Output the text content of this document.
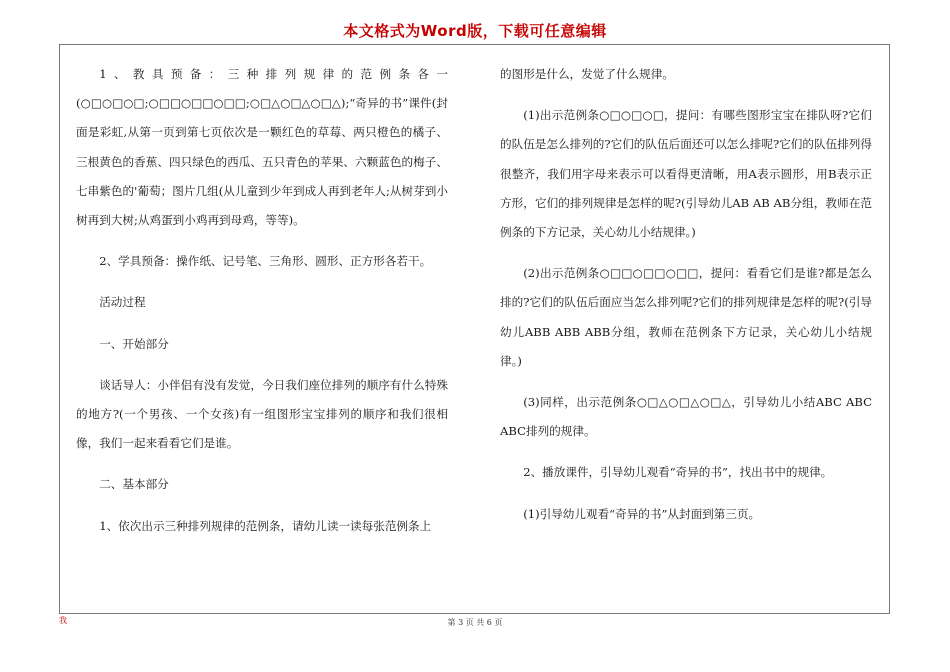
本文格式为Word版，下载可任意编辑

1、教具预备：三种排列规律的范例条各一(○□○□○□;○□□○□□○□□;○□△○□△○□△);“奇异的书”课件(封面是彩虹,从第一页到第七页依次是一颗红色的草莓、两只橙色的橘子、三根黄色的香蕉、四只绿色的西瓜、五只青色的苹果、六颗蓝色的梅子、七串紫色的'葡萄；图片几组(从儿童到少年到成人再到老年人;从树芽到小树再到大树;从鸡蛋到小鸡再到母鸡，等等)。

2、学具预备：操作纸、记号笔、三角形、圆形、正方形各若干。

活动过程

一、开始部分

谈话导人：小伴侣有没有发觉，今日我们座位排列的顺序有什么特殊的地方?(一个男孩、一个女孩)有一组图形宝宝排列的顺序和我们很相像，我们一起来看看它们是谁。

二、基本部分

1、依次出示三种排列规律的范例条，请幼儿读一读每张范例条上

的图形是什么，发觉了什么规律。

(1)出示范例条○□○□○□，提问：有哪些图形宝宝在排队呀?它们的队伍是怎么排列的?它们的队伍后面还可以怎么排呢?它们的队伍排列得很整齐，我们用字母来表示可以看得更清晰，用A表示圆形，用B表示正方形，它们的排列规律是怎样的呢?(引导幼儿AB AB AB分组，教师在范例条的下方记录，关心幼儿小结规律。)

(2)出示范例条○□□○□□○□□，提问：看看它们是谁?都是怎么排的?它们的队伍后面应当怎么排列呢?它们的排列规律是怎样的呢?(引导幼儿ABB ABB ABB分组，教师在范例条下方记录，关心幼儿小结规律。)

(3)同样，出示范例条○□△○□△○□△，引导幼儿小结ABC ABC ABC排列的规律。

2、播放课件，引导幼儿观看“奇异的书”，找出书中的规律。

(1)引导幼儿观看“奇异的书”从封面到第三页。

我	第 3 页 共 6 页
